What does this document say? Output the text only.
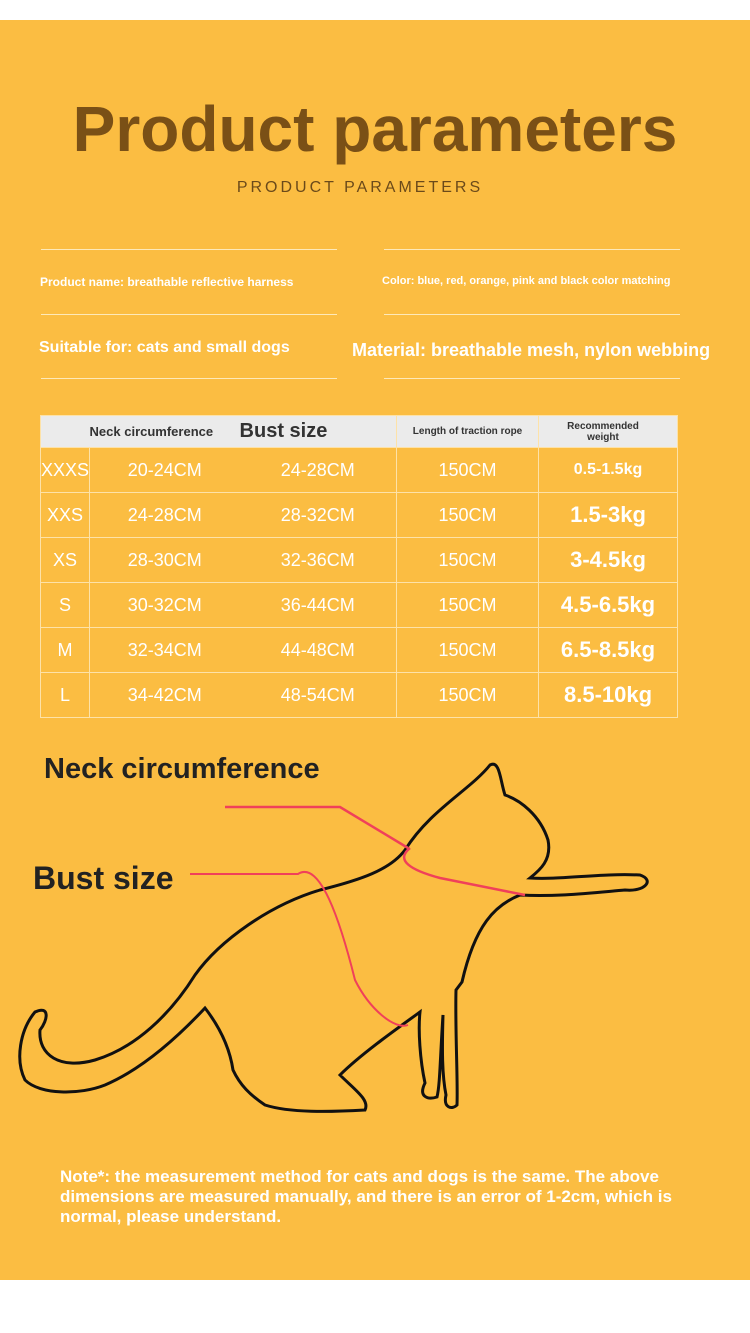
Product parameters
PRODUCT PARAMETERS
Product name: breathable reflective harness	Color: blue, red, orange, pink and black color matching
Suitable for: cats and small dogs	Material: breathable mesh, nylon webbing
	Neck circumference	Bust size	Length of traction rope	Recommended weight
XXXS	20-24CM	24-28CM	150CM	0.5-1.5kg
XXS	24-28CM	28-32CM	150CM	1.5-3kg
XS	28-30CM	32-36CM	150CM	3-4.5kg
S	30-32CM	36-44CM	150CM	4.5-6.5kg
M	32-34CM	44-48CM	150CM	6.5-8.5kg
L	34-42CM	48-54CM	150CM	8.5-10kg
Neck circumference
Bust size
Note*: the measurement method for cats and dogs is the same. The above dimensions are measured manually, and there is an error of 1-2cm, which is normal, please understand.
